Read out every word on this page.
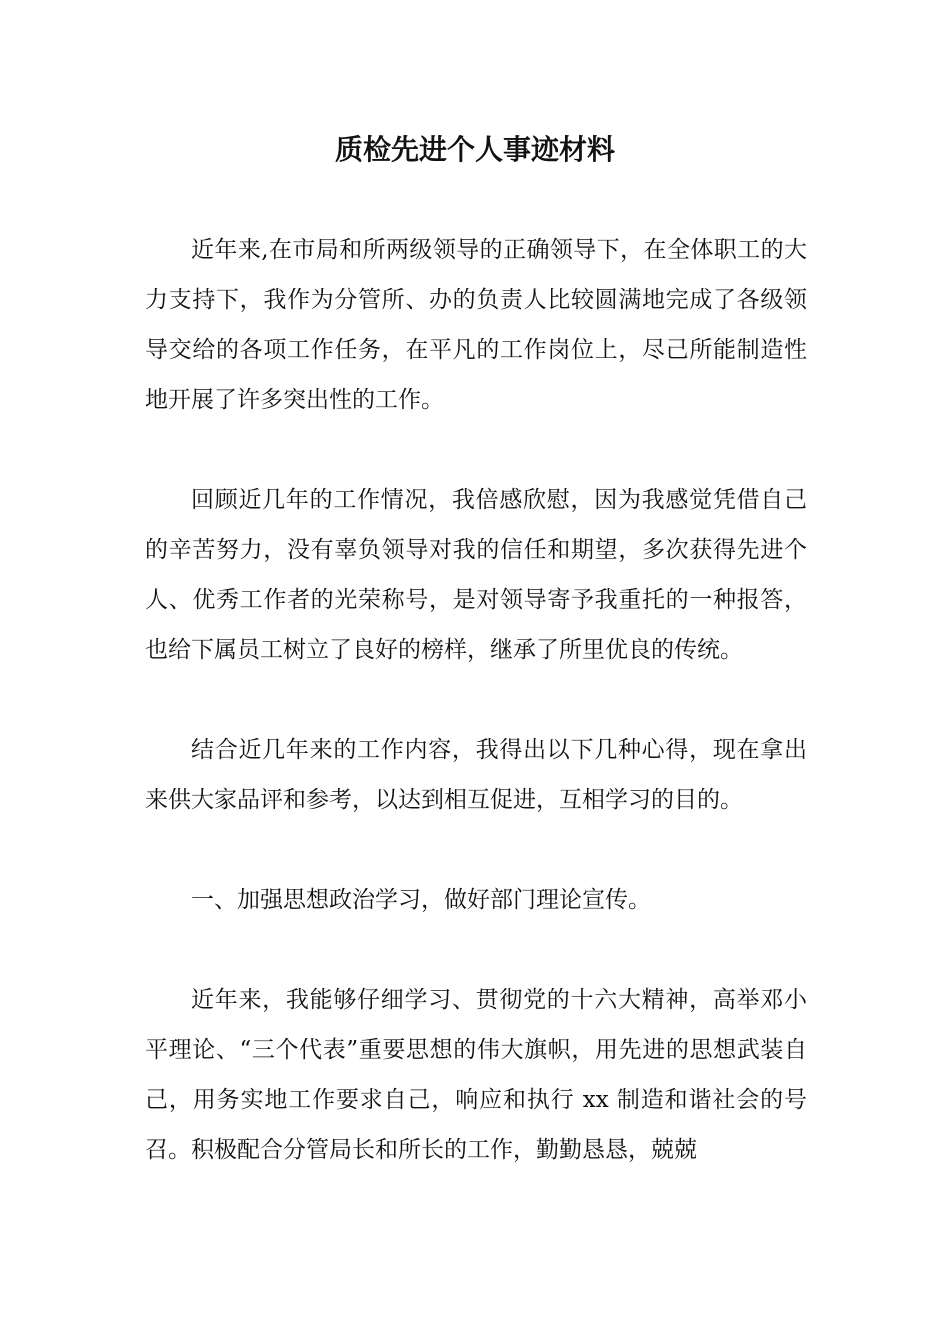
质检先进个人事迹材料

近年来,在市局和所两级领导的正确领导下，在全体职工的大力支持下，我作为分管所、办的负责人比较圆满地完成了各级领导交给的各项工作任务，在平凡的工作岗位上，尽己所能制造性地开展了许多突出性的工作。

回顾近几年的工作情况，我倍感欣慰，因为我感觉凭借自己的辛苦努力，没有辜负领导对我的信任和期望，多次获得先进个人、优秀工作者的光荣称号，是对领导寄予我重托的一种报答，也给下属员工树立了良好的榜样，继承了所里优良的传统。

结合近几年来的工作内容，我得出以下几种心得，现在拿出来供大家品评和参考，以达到相互促进，互相学习的目的。

一、加强思想政治学习，做好部门理论宣传。

近年来，我能够仔细学习、贯彻党的十六大精神，高举邓小平理论、“三个代表”重要思想的伟大旗帜，用先进的思想武装自己，用务实地工作要求自己，响应和执行 xx 制造和谐社会的号召。积极配合分管局长和所长的工作，勤勤恳恳，兢兢
